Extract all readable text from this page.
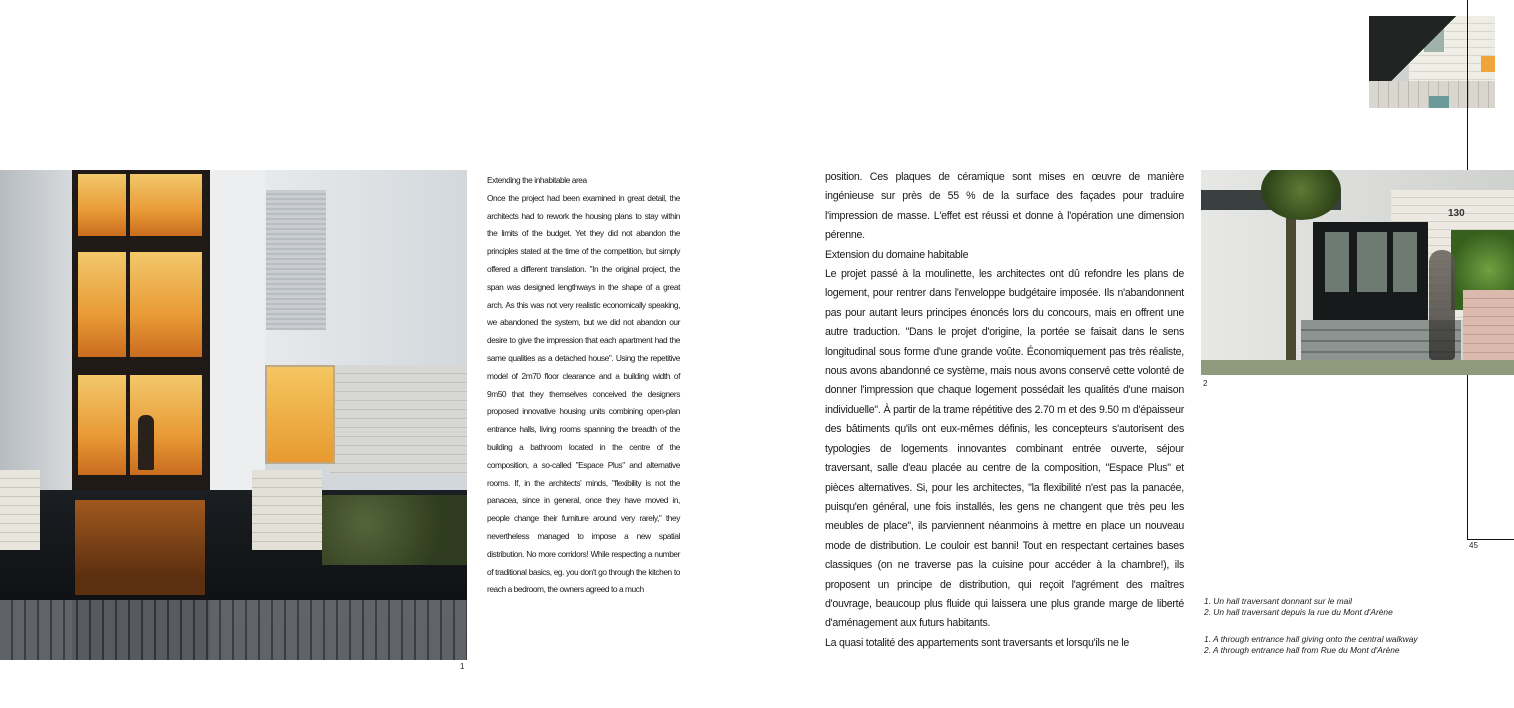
1

Extending the inhabitable area

Once the project had been examined in great detail, the architects had to rework the housing plans to stay within the limits of the budget. Yet they did not abandon the principles stated at the time of the competition, but simply offered a different translation. "In the original project, the span was designed lengthways in the shape of a great arch. As this was not very realistic economically speaking, we abandoned the system, but we did not abandon our desire to give the impression that each apartment had the same qualities as a detached house". Using the repetitive model of 2m70 floor clearance and a building width of 9m50 that they themselves conceived the designers proposed innovative housing units combining open-plan entrance halls, living rooms spanning the breadth of the building a bathroom located in the centre of the composition, a so-called "Espace Plus" and alternative rooms. If, in the architects' minds, "flexibility is not the panacea, since in general, once they have moved in, people change their furniture around very rarely," they nevertheless managed to impose a new spatial distribution. No more corridors! While respecting a number of traditional basics, eg. you don't go through the kitchen to reach a bedroom, the owners agreed to a much

position. Ces plaques de céramique sont mises en œuvre de manière ingénieuse sur près de 55 % de la surface des façades pour traduire l'impression de masse. L'effet est réussi et donne à l'opération une dimension pérenne.

Extension du domaine habitable

Le projet passé à la moulinette, les architectes ont dû refondre les plans de logement, pour rentrer dans l'enveloppe budgétaire imposée. Ils n'abandonnent pas pour autant leurs principes énoncés lors du concours, mais en offrent une autre traduction. "Dans le projet d'origine, la portée se faisait dans le sens longitudinal sous forme d'une grande voûte. Économiquement pas très réaliste, nous avons abandonné ce système, mais nous avons conservé cette volonté de donner l'impression que chaque logement possédait les qualités d'une maison individuelle". À partir de la trame répétitive des 2.70 m et des 9.50 m d'épaisseur des bâtiments qu'ils ont eux-mêmes définis, les concepteurs s'autorisent des typologies de logements innovantes combinant entrée ouverte, séjour traversant, salle d'eau placée au centre de la composition, "Espace Plus" et pièces alternatives. Si, pour les architectes, "la flexibilité n'est pas la panacée, puisqu'en général, une fois installés, les gens ne changent que très peu les meubles de place", ils parviennent néanmoins à mettre en place un nouveau mode de distribution. Le couloir est banni! Tout en respectant certaines bases classiques (on ne traverse pas la cuisine pour accéder à la chambre!), ils proposent un principe de distribution, qui reçoit l'agrément des maîtres d'ouvrage, beaucoup plus fluide qui laissera une plus grande marge de liberté d'aménagement aux futurs habitants.

La quasi totalité des appartements sont traversants et lorsqu'ils ne le

130
2
45
1. Un hall traversant donnant sur le mail
2. Un hall traversant depuis la rue du Mont d'Arène
1. A through entrance hall giving onto the central walkway
2. A through entrance hall from Rue du Mont d'Arène
